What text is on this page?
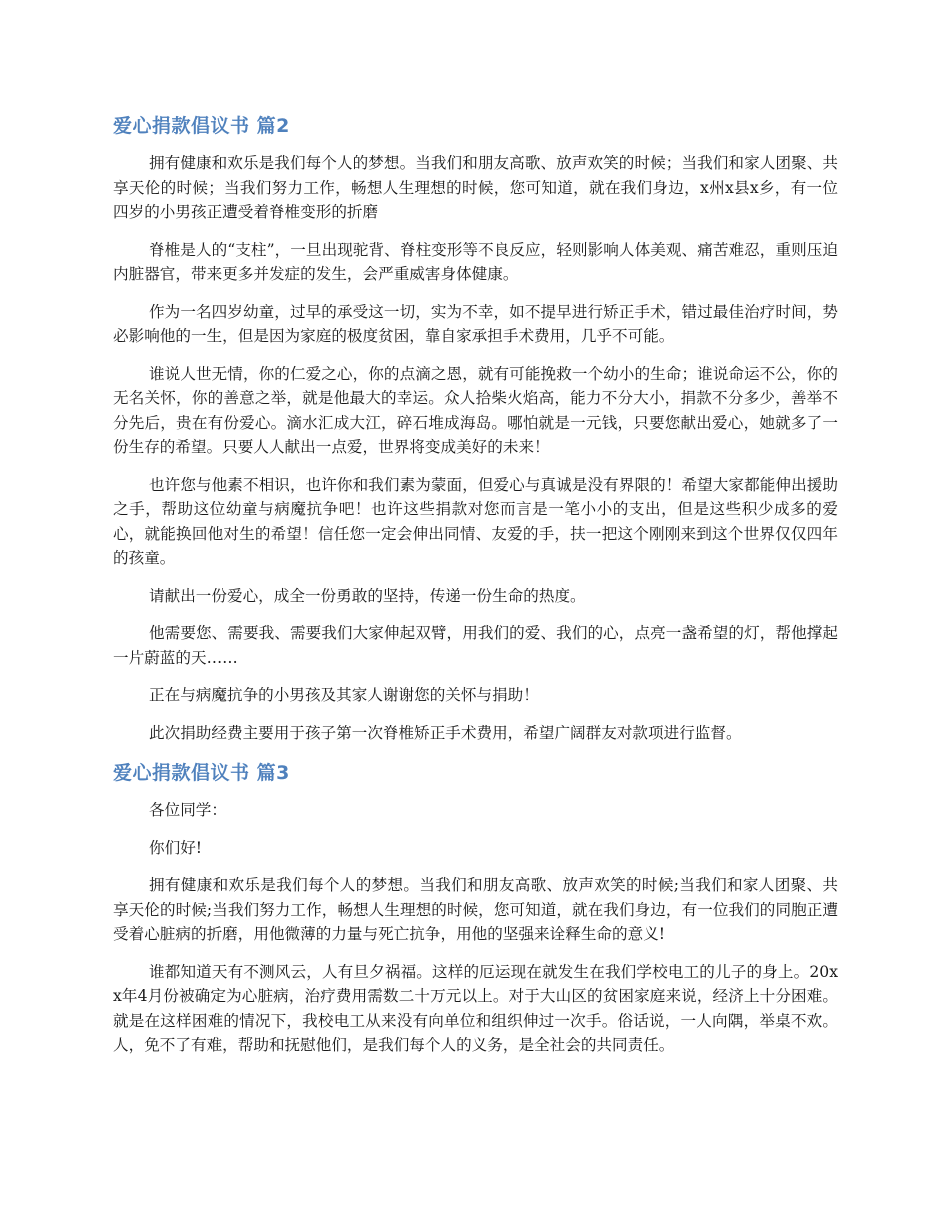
爱心捐款倡议书 篇2

拥有健康和欢乐是我们每个人的梦想。当我们和朋友高歌、放声欢笑的时候；当我们和家人团聚、共享天伦的时候；当我们努力工作，畅想人生理想的时候，您可知道，就在我们身边，x州x县x乡，有一位四岁的小男孩正遭受着脊椎变形的折磨

脊椎是人的“支柱”，一旦出现驼背、脊柱变形等不良反应，轻则影响人体美观、痛苦难忍，重则压迫内脏器官，带来更多并发症的发生，会严重威害身体健康。

作为一名四岁幼童，过早的承受这一切，实为不幸，如不提早进行矫正手术，错过最佳治疗时间，势必影响他的一生，但是因为家庭的极度贫困，靠自家承担手术费用，几乎不可能。

谁说人世无情，你的仁爱之心，你的点滴之恩，就有可能挽救一个幼小的生命；谁说命运不公，你的无名关怀，你的善意之举，就是他最大的幸运。众人拾柴火焰高，能力不分大小，捐款不分多少，善举不分先后，贵在有份爱心。滴水汇成大江，碎石堆成海岛。哪怕就是一元钱，只要您献出爱心，她就多了一份生存的希望。只要人人献出一点爱，世界将变成美好的未来！

也许您与他素不相识，也许你和我们素为蒙面，但爱心与真诚是没有界限的！希望大家都能伸出援助之手，帮助这位幼童与病魔抗争吧！也许这些捐款对您而言是一笔小小的支出，但是这些积少成多的爱心，就能换回他对生的希望！信任您一定会伸出同情、友爱的手，扶一把这个刚刚来到这个世界仅仅四年的孩童。

请献出一份爱心，成全一份勇敢的坚持，传递一份生命的热度。

他需要您、需要我、需要我们大家伸起双臂，用我们的爱、我们的心，点亮一盏希望的灯，帮他撑起一片蔚蓝的天……

正在与病魔抗争的小男孩及其家人谢谢您的关怀与捐助！

此次捐助经费主要用于孩子第一次脊椎矫正手术费用，希望广阔群友对款项进行监督。

爱心捐款倡议书 篇3

各位同学：

你们好!

拥有健康和欢乐是我们每个人的梦想。当我们和朋友高歌、放声欢笑的时候;当我们和家人团聚、共享天伦的时候;当我们努力工作，畅想人生理想的时候，您可知道，就在我们身边，有一位我们的同胞正遭受着心脏病的折磨，用他微薄的力量与死亡抗争，用他的坚强来诠释生命的意义!

谁都知道天有不测风云，人有旦夕祸福。这样的厄运现在就发生在我们学校电工的儿子的身上。20xx年4月份被确定为心脏病，治疗费用需数二十万元以上。对于大山区的贫困家庭来说，经济上十分困难。就是在这样困难的情况下，我校电工从来没有向单位和组织伸过一次手。俗话说，一人向隅，举桌不欢。人，免不了有难，帮助和抚慰他们，是我们每个人的义务，是全社会的共同责任。
